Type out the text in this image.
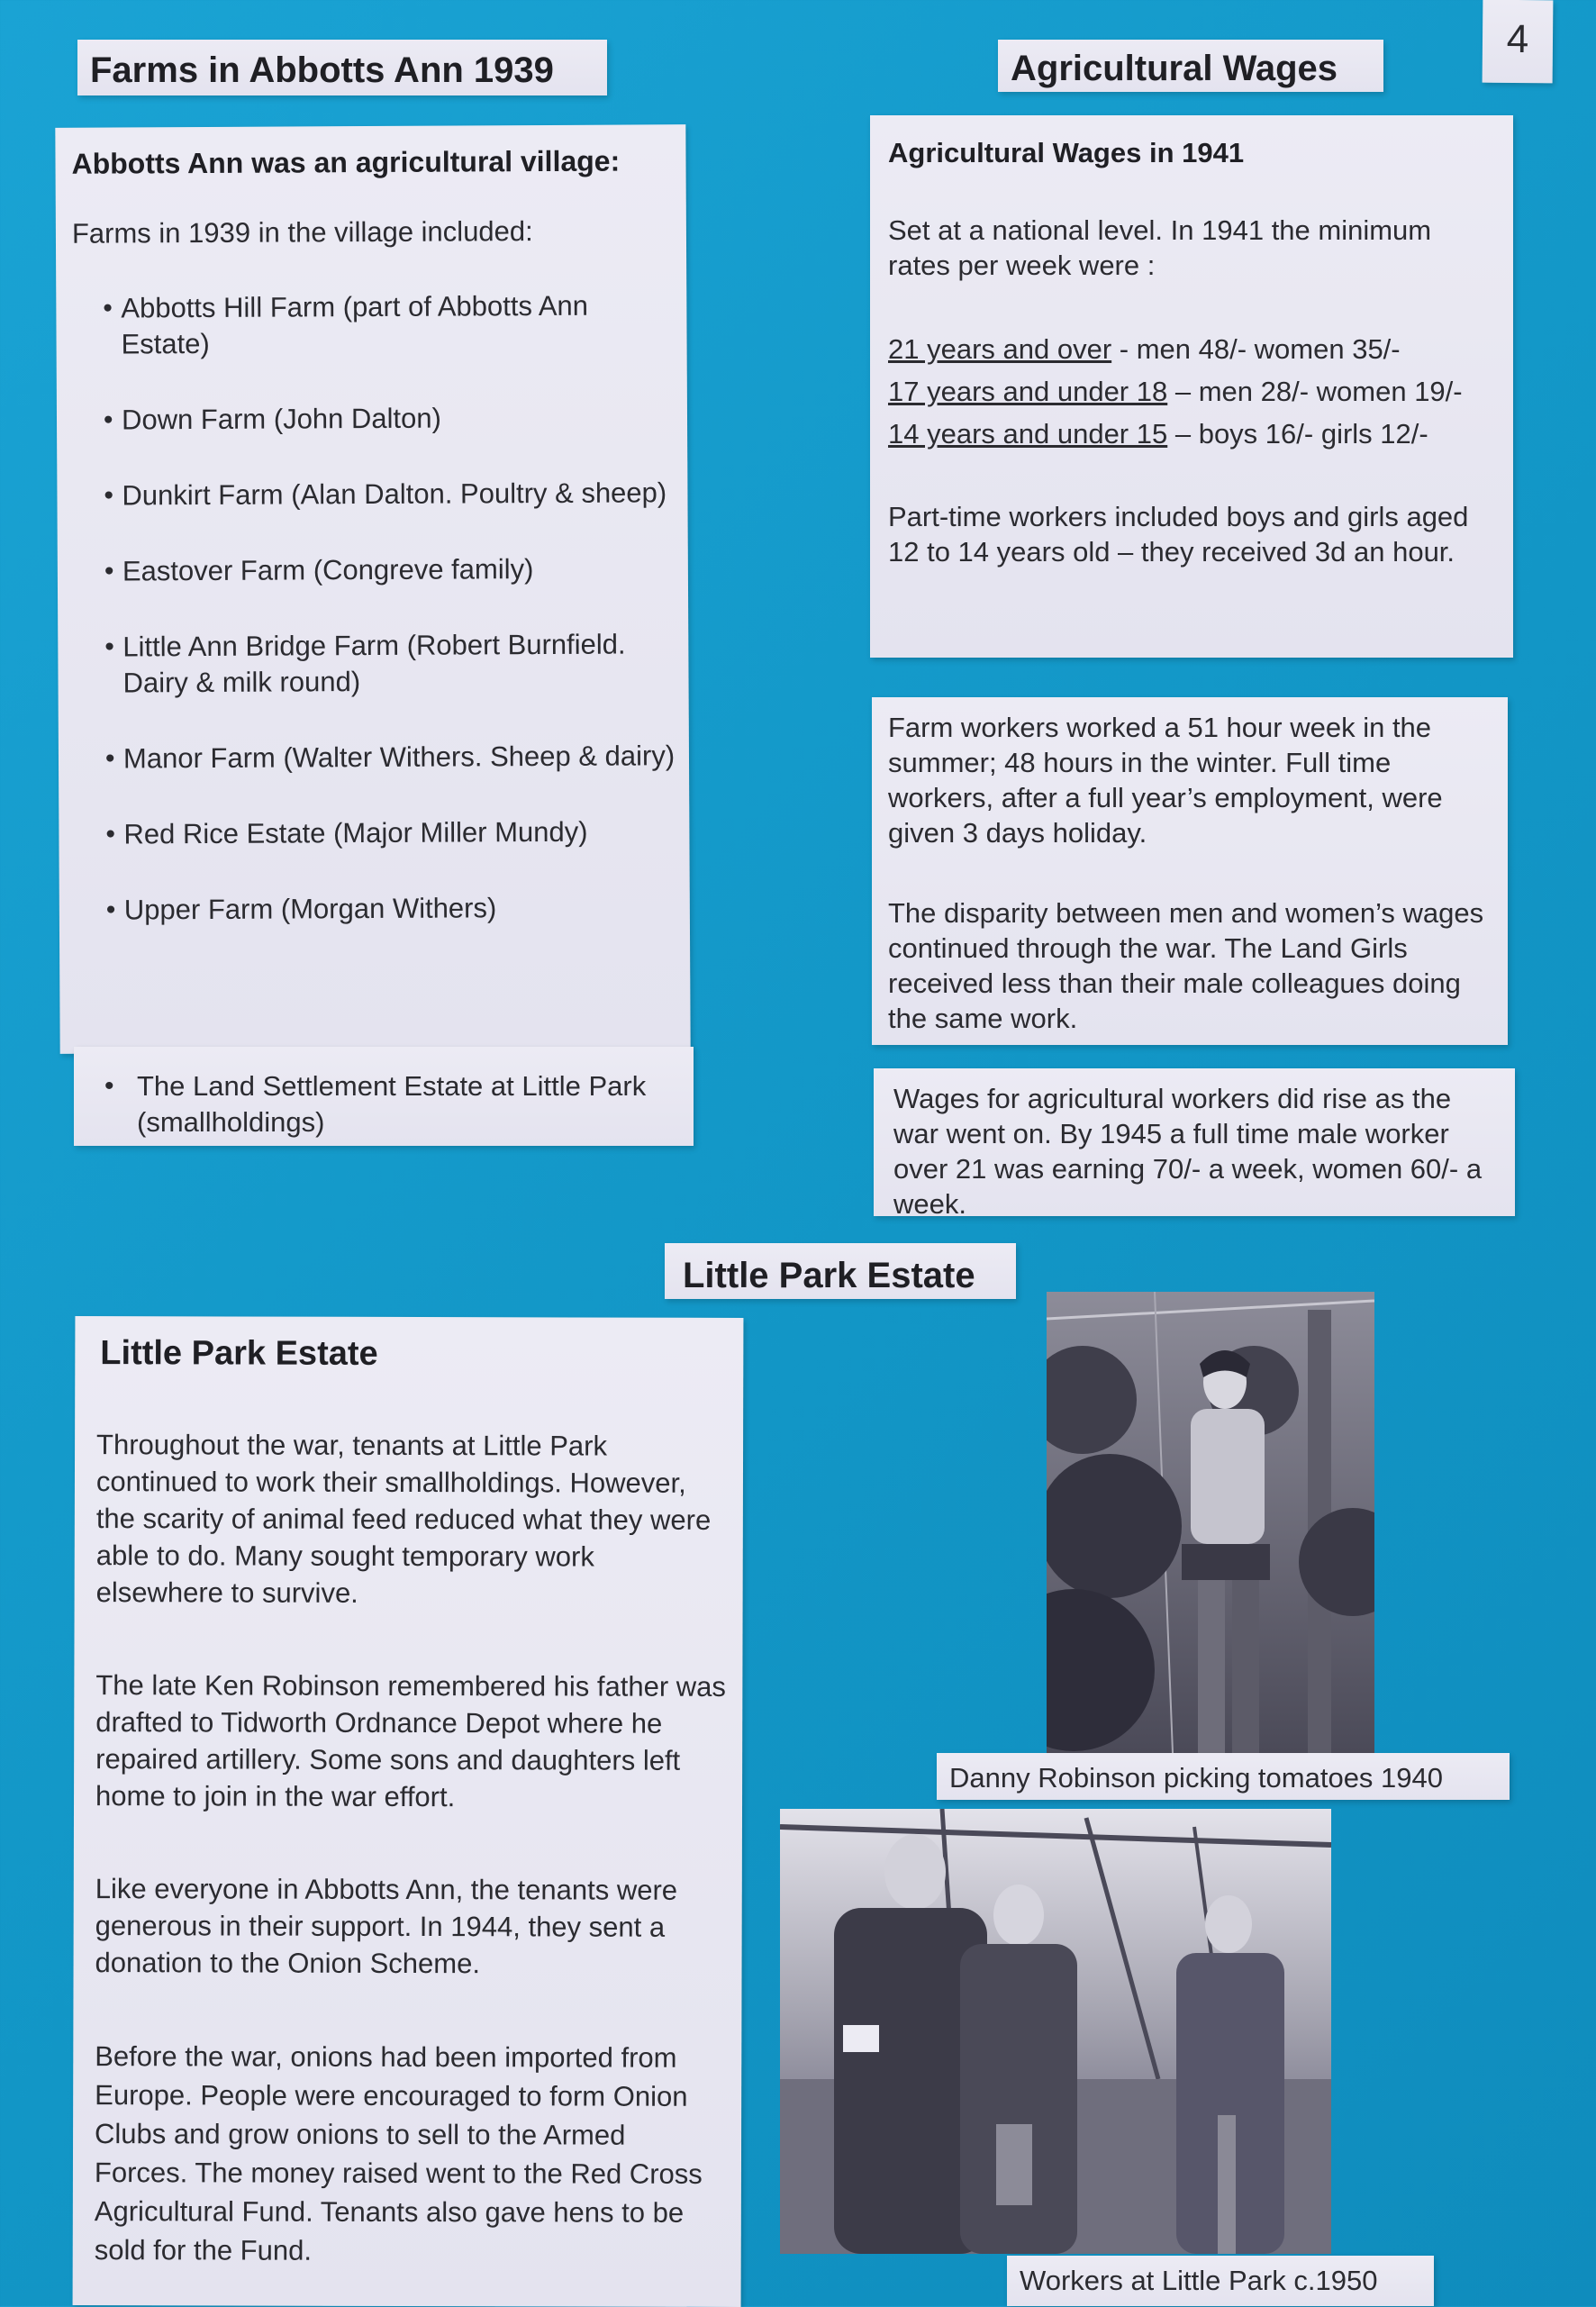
4
Farms in Abbotts Ann 1939
Abbotts Ann was an agricultural village:
Farms in 1939 in the village included:
• Abbotts Hill Farm (part of Abbotts Ann Estate)
• Down Farm (John Dalton)
• Dunkirt Farm (Alan Dalton. Poultry & sheep)
• Eastover Farm (Congreve family)
• Little Ann Bridge Farm (Robert Burnfield. Dairy & milk round)
• Manor Farm (Walter Withers. Sheep & dairy)
• Red Rice Estate (Major Miller Mundy)
• Upper Farm (Morgan Withers)
• The Land Settlement Estate at Little Park (smallholdings)
Agricultural Wages
Agricultural Wages in 1941
Set at a national level. In 1941 the minimum rates per week were :

21 years and over - men 48/- women 35/-

17 years and under 18 – men 28/- women 19/-

14 years and under 15 – boys 16/- girls 12/-

Part-time workers included boys and girls aged 12 to 14 years old – they received 3d an hour.
Farm workers worked a 51 hour week in the summer; 48 hours in the winter. Full time workers, after a full year’s employment, were given 3 days holiday.
The disparity between men and women’s wages continued through the war. The Land Girls received less than their male colleagues doing the same work.
Wages for agricultural workers did rise as the war went on. By 1945 a full time male worker over 21 was earning 70/- a week, women 60/- a week.
Little Park Estate
Little Park Estate
Throughout the war, tenants at Little Park continued to work their smallholdings. However, the scarity of animal feed reduced what they were able to do. Many sought temporary work elsewhere to survive.
The late Ken Robinson remembered his father was drafted to Tidworth Ordnance Depot where he repaired artillery. Some sons and daughters left home to join in the war effort.
Like everyone in Abbotts Ann, the tenants were generous in their support. In 1944, they sent a donation to the Onion Scheme.
Before the war, onions had been imported from Europe. People were encouraged to form Onion Clubs and grow onions to sell to the Armed Forces. The money raised went to the Red Cross Agricultural Fund. Tenants also gave hens to be sold for the Fund.
Danny Robinson picking tomatoes 1940
Workers at Little Park c.1950
